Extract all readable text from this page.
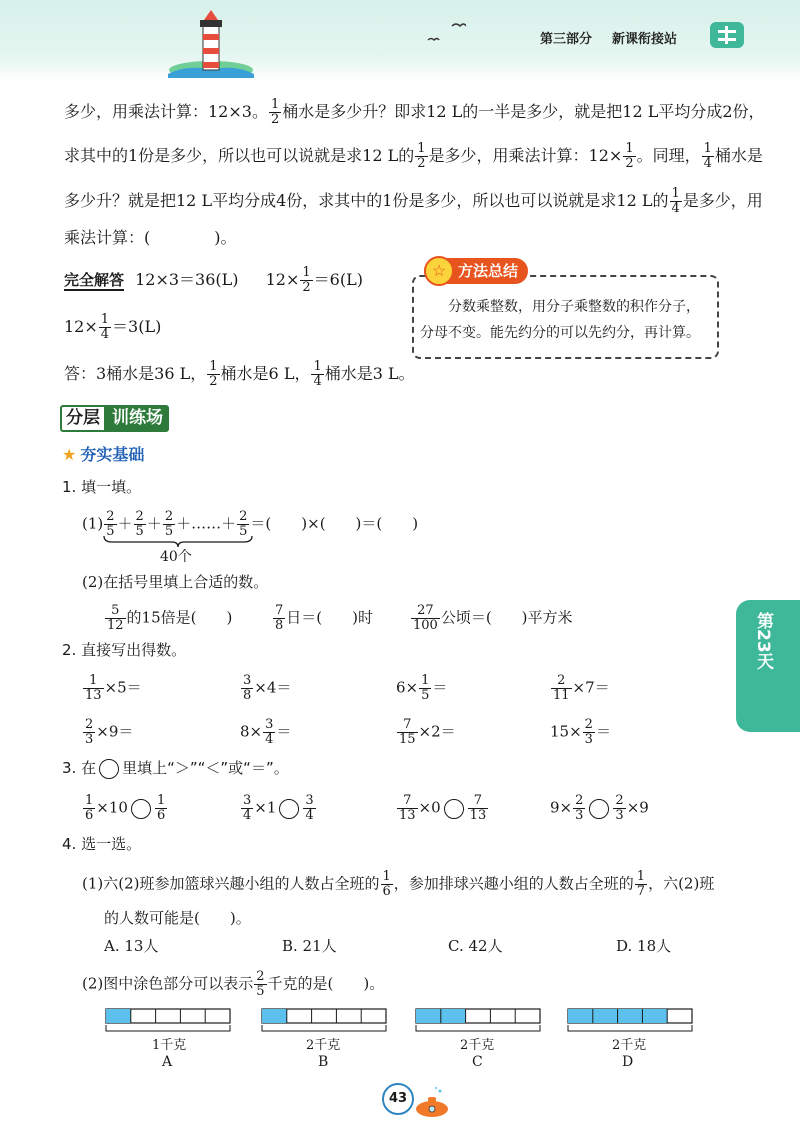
第三部分 新课衔接站
多少，用乘法计算：12×3。 $\frac{1}{2}$ 桶水是多少升？即求12 L的一半是多少，就是把12 L平均分成2份，
求其中的1份是多少，所以也可以说就是求12 L的 $\frac{1}{2}$ 是多少，用乘法计算：$12\times \frac{1}{2}$ 。同理， $\frac{1}{4}$ 桶水是
多少升？就是把12 L平均分成4份，求其中的1份是多少，所以也可以说就是求12 L的 $\frac{1}{4}$ 是多少，用
乘法计算：(　　　　)。
完全解答 12×3＝36(L) $12\times \frac{1}{2} =6(L)$
$12\times \frac{1}{4} =3(L)$
答：3桶水是36 L， $\frac{1}{2}$ 桶水是6 L， $\frac{1}{4}$ 桶水是3 L。
方法总结
☆
　　分数乘整数，用分子乘整数的积作分子，
分母不变。能先约分的可以先约分，再计算。
分层 训练场
★ 夯实基础
1. 填一填。
$(1) \frac{2}{5} + \frac{2}{5} + \frac{2}{5}$ ＋……＋ $\frac{2}{5}$ ＝(　　)×(　　)＝(　　)
40个
(2)在括号里填上合适的数。
$\frac{5}{12}$ 的15倍是(　　)	$\frac{7}{8}$ 日＝(　　)时	$\frac{27}{100}$ 公顷＝(　　)平方米
2. 直接写出得数。
$\frac{1}{13} \times 5=$	$\frac{3}{8} \times 4=$	$6\times \frac{1}{5}$ ＝	$\frac{2}{11} \times 7=$
$\frac{2}{3} \times 9=$	$8\times \frac{3}{4}$ ＝	$\frac{7}{15} \times 2=$	$15\times \frac{2}{3}$ ＝
3. 在 里填上“＞”“＜”或“＝”。
$\frac{1}{6} \times 10 \frac{1}{6}$	$\frac{3}{4} \times 1 \frac{3}{4}$	$\frac{7}{13} \times 0 \frac{7}{13}$	$9\times \frac{2}{3} \frac{2}{3} \times 9$
4. 选一选。
(1)六(2)班参加篮球兴趣小组的人数占全班的 $\frac{1}{6}$ ，参加排球兴趣小组的人数占全班的 $\frac{1}{7}$ ，六(2)班
的人数可能是(　　)。
A. 13人	B. 21人	C. 42人	D. 18人
(2)图中涂色部分可以表示 $\frac{2}{5}$ 千克的是(　　)。
1千克	2千克	2千克	2千克
A	B	C	D
第23天
43
